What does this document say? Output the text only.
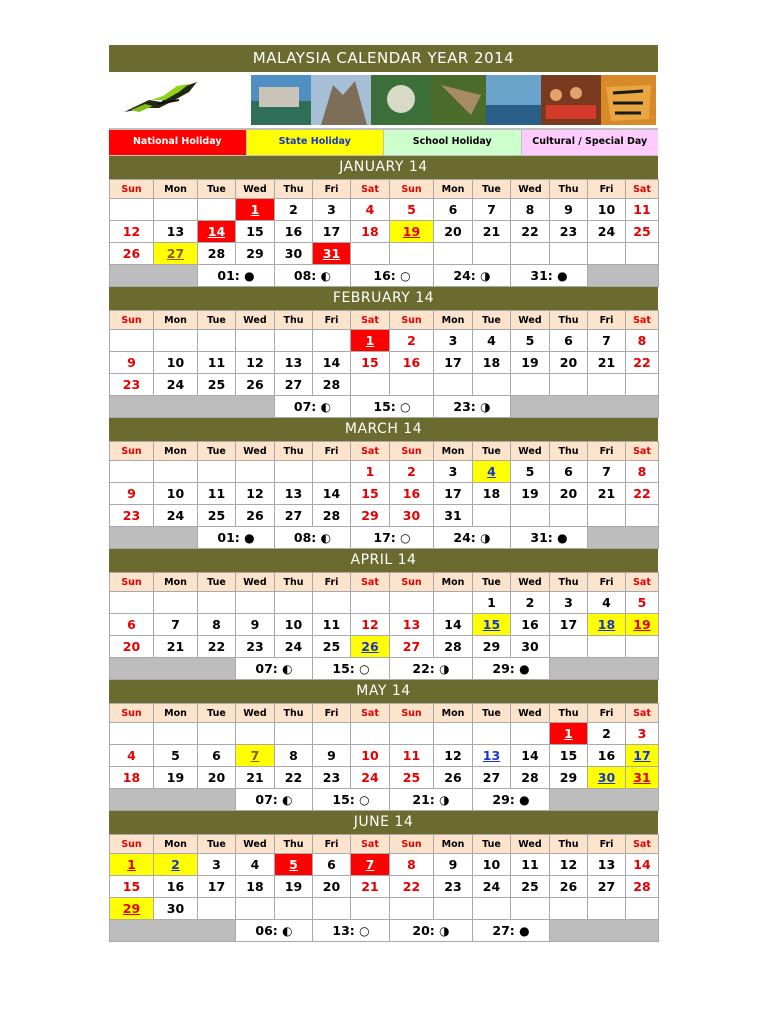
MALAYSIA CALENDAR YEAR 2014
National Holiday	State Holiday	School Holiday	Cultural / Special Day
JANUARY 14
Sun	Mon	Tue	Wed	Thu	Fri	Sat	Sun	Mon	Tue	Wed	Thu	Fri	Sat
			1	2	3	4	5	6	7	8	9	10	11
12	13	14	15	16	17	18	19	20	21	22	23	24	25
26	27	28	29	30	31								
		01: ●		08: ◐		16: ○		24: ◑		31: ●			
FEBRUARY 14
Sun	Mon	Tue	Wed	Thu	Fri	Sat	Sun	Mon	Tue	Wed	Thu	Fri	Sat
						1	2	3	4	5	6	7	8
9	10	11	12	13	14	15	16	17	18	19	20	21	22
23	24	25	26	27	28								
				07: ◐		15: ○		23: ◑					
MARCH 14
Sun	Mon	Tue	Wed	Thu	Fri	Sat	Sun	Mon	Tue	Wed	Thu	Fri	Sat
						1	2	3	4	5	6	7	8
9	10	11	12	13	14	15	16	17	18	19	20	21	22
23	24	25	26	27	28	29	30	31					
		01: ●		08: ◐		17: ○		24: ◑		31: ●			
APRIL 14
Sun	Mon	Tue	Wed	Thu	Fri	Sat	Sun	Mon	Tue	Wed	Thu	Fri	Sat
									1	2	3	4	5
6	7	8	9	10	11	12	13	14	15	16	17	18	19
20	21	22	23	24	25	26	27	28	29	30			
			07: ◐		15: ○		22: ◑		29: ●				
MAY 14
Sun	Mon	Tue	Wed	Thu	Fri	Sat	Sun	Mon	Tue	Wed	Thu	Fri	Sat
											1	2	3
4	5	6	7	8	9	10	11	12	13	14	15	16	17
18	19	20	21	22	23	24	25	26	27	28	29	30	31
			07: ◐		15: ○		21: ◑		29: ●				
JUNE 14
Sun	Mon	Tue	Wed	Thu	Fri	Sat	Sun	Mon	Tue	Wed	Thu	Fri	Sat
1	2	3	4	5	6	7	8	9	10	11	12	13	14
15	16	17	18	19	20	21	22	23	24	25	26	27	28
29	30												
			06: ◐		13: ○		20: ◑		27: ●				
